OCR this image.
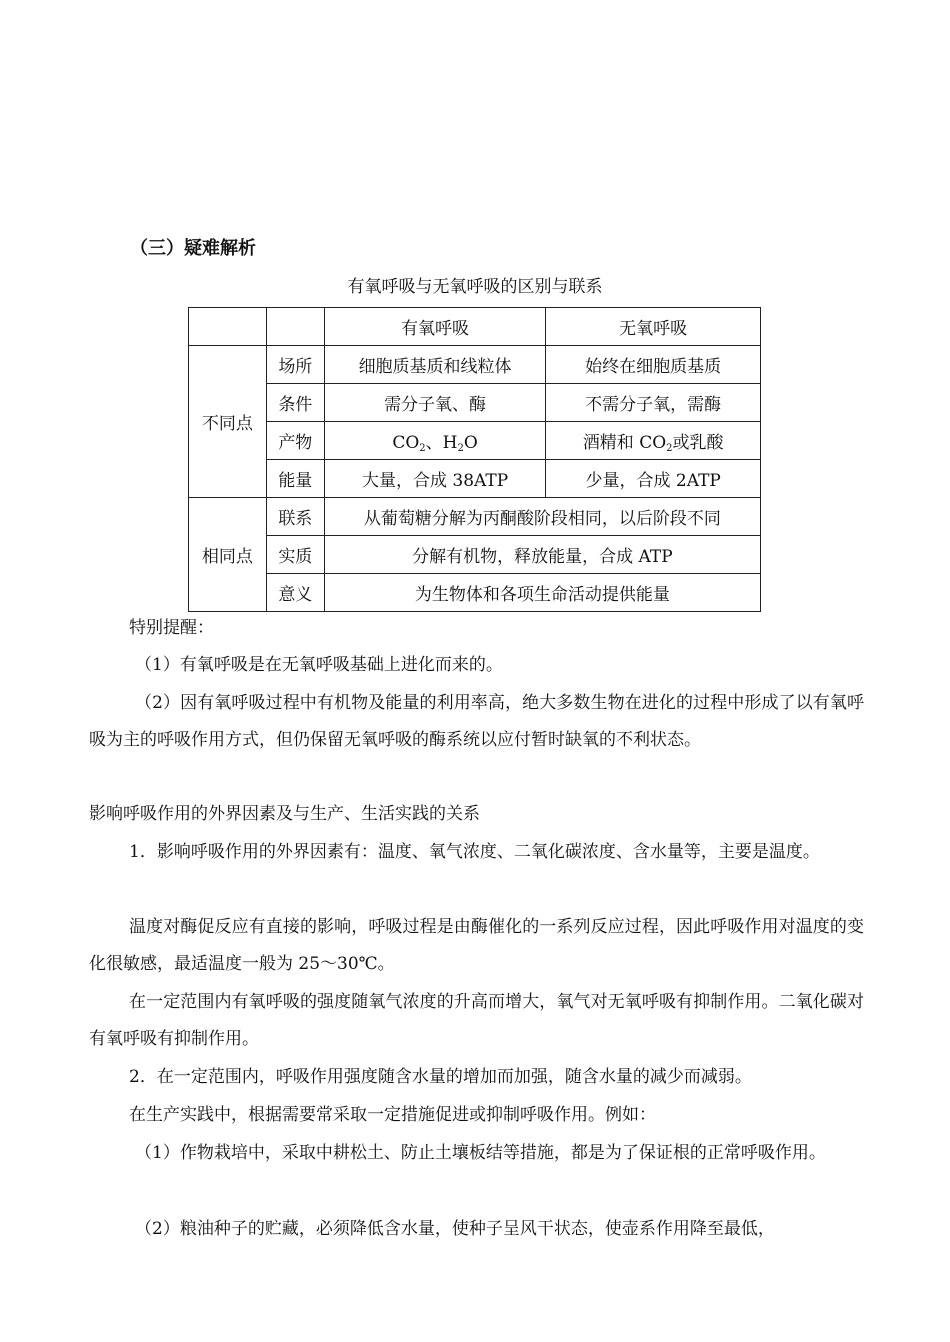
（三）疑难解析
有氧呼吸与无氧呼吸的区别与联系
		有氧呼吸	无氧呼吸
不同点	场所	细胞质基质和线粒体	始终在细胞质基质
	条件	需分子氧、酶	不需分子氧，需酶
	产物	$CO_2$、$H_2O$	酒精和 $CO_2$或乳酸
	能量	大量，合成 38ATP	少量，合成 2ATP
相同点	联系	从葡萄糖分解为丙酮酸阶段相同，以后阶段不同	
	实质	分解有机物，释放能量，合成 ATP	
	意义	为生物体和各项生命活动提供能量	
特别提醒：
（1）有氧呼吸是在无氧呼吸基础上进化而来的。
（2）因有氧呼吸过程中有机物及能量的利用率高，绝大多数生物在进化的过程中形成了以有氧呼吸为主的呼吸作用方式，但仍保留无氧呼吸的酶系统以应付暂时缺氧的不利状态。
影响呼吸作用的外界因素及与生产、生活实践的关系
1．影响呼吸作用的外界因素有：温度、氧气浓度、二氧化碳浓度、含水量等，主要是温度。
温度对酶促反应有直接的影响，呼吸过程是由酶催化的一系列反应过程，因此呼吸作用对温度的变化很敏感，最适温度一般为 25～30℃。
在一定范围内有氧呼吸的强度随氧气浓度的升高而增大，氧气对无氧呼吸有抑制作用。二氧化碳对有氧呼吸有抑制作用。
2．在一定范围内，呼吸作用强度随含水量的增加而加强，随含水量的减少而减弱。
在生产实践中，根据需要常采取一定措施促进或抑制呼吸作用。例如：
（1）作物栽培中，采取中耕松土、防止土壤板结等措施，都是为了保证根的正常呼吸作用。
（2）粮油种子的贮藏，必须降低含水量，使种子呈风干状态，使壶系作用降至最低，
